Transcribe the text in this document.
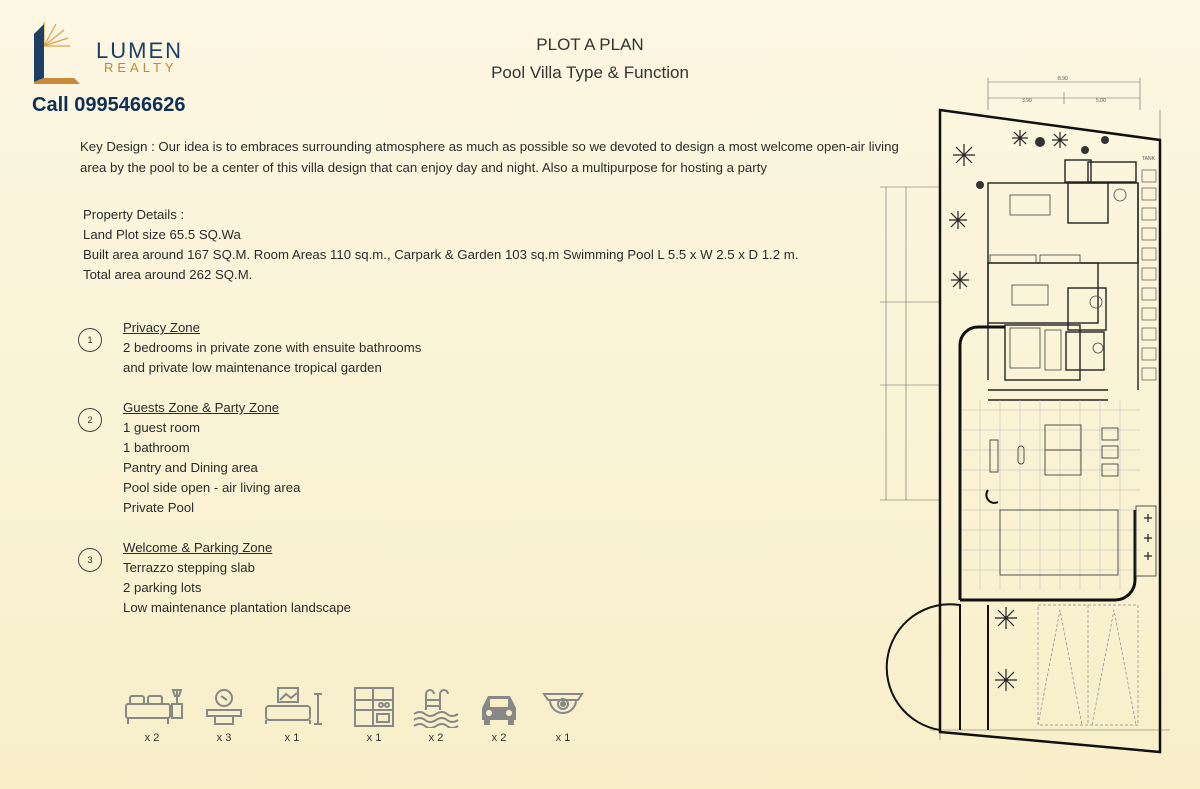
LUMEN
REALTY
Call 0995466626
PLOT A PLAN
Pool Villa Type & Function
Key Design : Our idea is to embraces surrounding atmosphere as much as possible so we devoted to design a most welcome open-air living area by the pool to be a center of this villa design that can enjoy day and night. Also a multipurpose for hosting a party
Property Details :
Land Plot size 65.5 SQ.Wa
Built area around 167 SQ.M. Room Areas 110 sq.m., Carpark & Garden 103 sq.m Swimming Pool L 5.5 x W 2.5 x D 1.2 m.
Total area around 262 SQ.M.
1
Privacy Zone
2 bedrooms in private zone with ensuite bathrooms
and private low maintenance tropical garden
2
Guests Zone & Party Zone
1 guest room
1 bathroom
Pantry and Dining area
Pool side open - air living area
Private Pool
3
Welcome & Parking Zone
Terrazzo stepping slab
2 parking lots
Low maintenance plantation landscape
x 2	x 3	x 1	x 1	x 2	x 2	x 1
8.90
3.90	5.00
TANK
